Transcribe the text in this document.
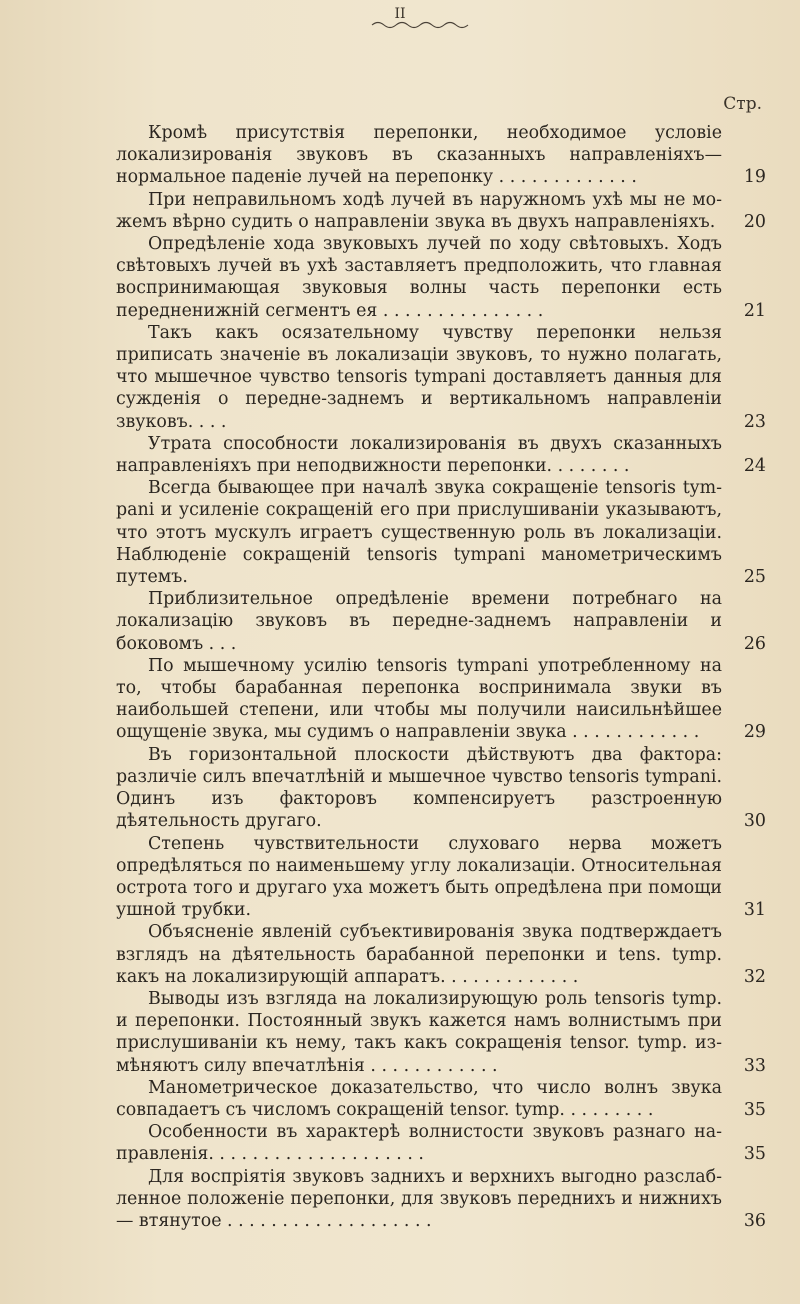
II
Стр.
Кромѣ присутствія перепонки, необходимое условіе локализированія звуковъ въ сказанныхъ направленіяхъ—нормальное паденіе лучей на перепонку . . . . . . . . . . . . .	19
При неправильномъ ходѣ лучей въ наружномъ ухѣ мы не можемъ вѣрно судить о направленіи звука въ двухъ направленіяхъ.	20
Опредѣленіе хода звуковыхъ лучей по ходу свѣтовыхъ. Ходъ свѣтовыхъ лучей въ ухѣ заставляетъ предположить, что главная воспринимающая звуковыя волны часть перепонки есть передненижній сегментъ ея . . . . . . . . . . . . . . .	21
Такъ какъ осязательному чувству перепонки нельзя приписать значеніе въ локализаціи звуковъ, то нужно полагать, что мышечное чувство tensoris tympani доставляетъ данныя для сужденія о передне-заднемъ и вертикальномъ направленіи звуковъ. . . .	23
Утрата способности локализированія въ двухъ сказанныхъ направленіяхъ при неподвижности перепонки. . . . . . . .	24
Всегда бывающее при началѣ звука сокращеніе tensoris tympani и усиленіе сокращеній его при прислушиваніи указываютъ, что этотъ мускулъ играетъ существенную роль въ локализаціи. Наблюденіе сокращеній tensoris tympani манометрическимъ путемъ.	25
Приблизительное опредѣленіе времени потребнаго на локализацію звуковъ въ передне-заднемъ направленіи и боковомъ . . .	26
По мышечному усилію tensoris tympani употребленному на то, чтобы барабанная перепонка воспринимала звуки въ наибольшей степени, или чтобы мы получили наисильнѣйшее ощущеніе звука, мы судимъ о направленіи звука . . . . . . . . . . . .	29
Въ горизонтальной плоскости дѣйствуютъ два фактора: различіе силъ впечатлѣній и мышечное чувство tensoris tympani. Одинъ изъ факторовъ компенсируетъ разстроенную дѣятельность другаго.	30
Степень чувствительности слуховаго нерва можетъ опредѣляться по наименьшему углу локализаціи. Относительная острота того и другаго уха можетъ быть опредѣлена при помощи ушной трубки.	31
Объясненіе явленій субъективированія звука подтверждаетъ взглядъ на дѣятельность барабанной перепонки и tens. tymp. какъ на локализирующій аппаратъ. . . . . . . . . . . . .	32
Выводы изъ взгляда на локализирующую роль tensoris tymp. и перепонки. Постоянный звукъ кажется намъ волнистымъ при прислушиваніи къ нему, такъ какъ сокращенія tensor. tymp. измѣняютъ силу впечатлѣнія . . . . . . . . . . . .	33
Манометрическое доказательство, что число волнъ звука совпадаетъ съ числомъ сокращеній tensor. tymp. . . . . . . . .	35
Особенности въ характерѣ волнистости звуковъ разнаго направленія. . . . . . . . . . . . . . . . . . . .	35
Для воспріятія звуковъ заднихъ и верхнихъ выгодно разслабленное положеніе перепонки, для звуковъ переднихъ и нижнихъ— втянутое . . . . . . . . . . . . . . . . . . .	36
